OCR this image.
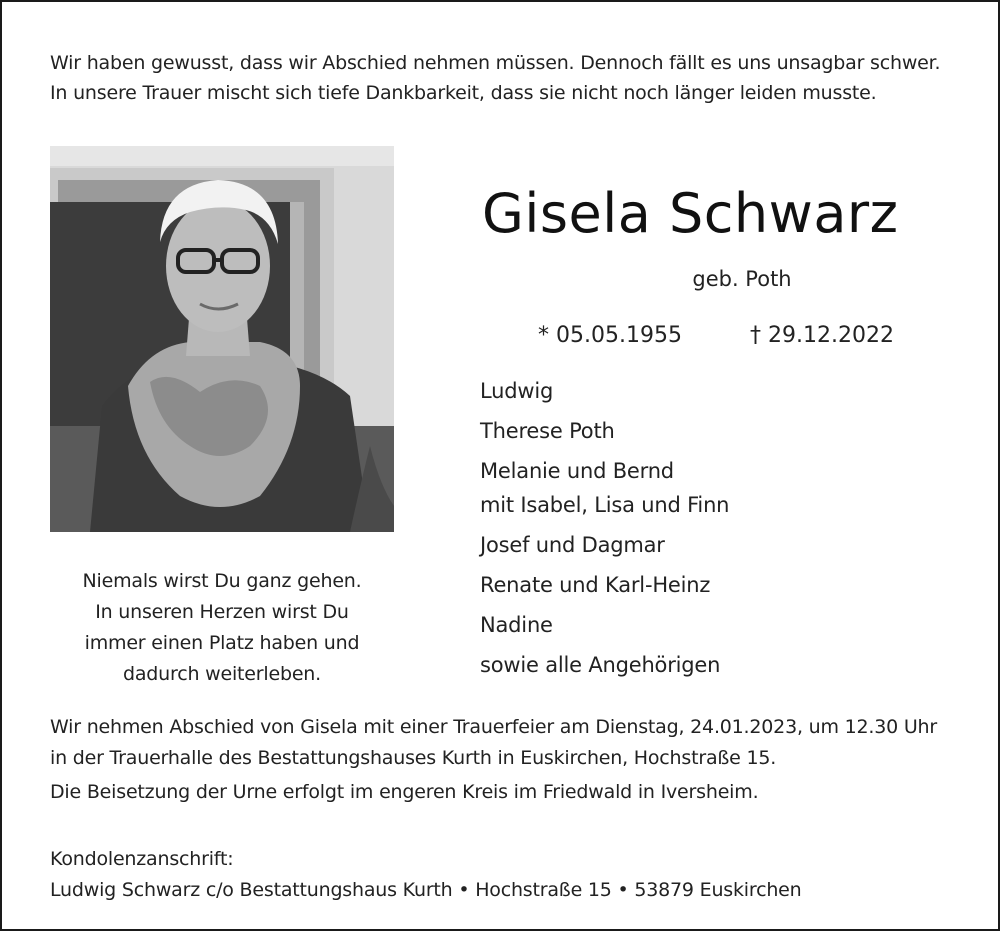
Wir haben gewusst, dass wir Abschied nehmen müssen. Dennoch fällt es uns unsagbar schwer.
In unsere Trauer mischt sich tiefe Dankbarkeit, dass sie nicht noch länger leiden musste.
Niemals wirst Du ganz gehen.
In unseren Herzen wirst Du
immer einen Platz haben und
dadurch weiterleben.
Gisela Schwarz
geb. Poth
* 05.05.1955	† 29.12.2022
Ludwig
Therese Poth
Melanie und Bernd
mit Isabel, Lisa und Finn
Josef und Dagmar
Renate und Karl-Heinz
Nadine
sowie alle Angehörigen
Wir nehmen Abschied von Gisela mit einer Trauerfeier am Dienstag, 24.01.2023, um 12.30 Uhr
in der Trauerhalle des Bestattungshauses Kurth in Euskirchen, Hochstraße 15.
Die Beisetzung der Urne erfolgt im engeren Kreis im Friedwald in Iversheim.
Kondolenzanschrift:
Ludwig Schwarz c/o Bestattungshaus Kurth • Hochstraße 15 • 53879 Euskirchen
